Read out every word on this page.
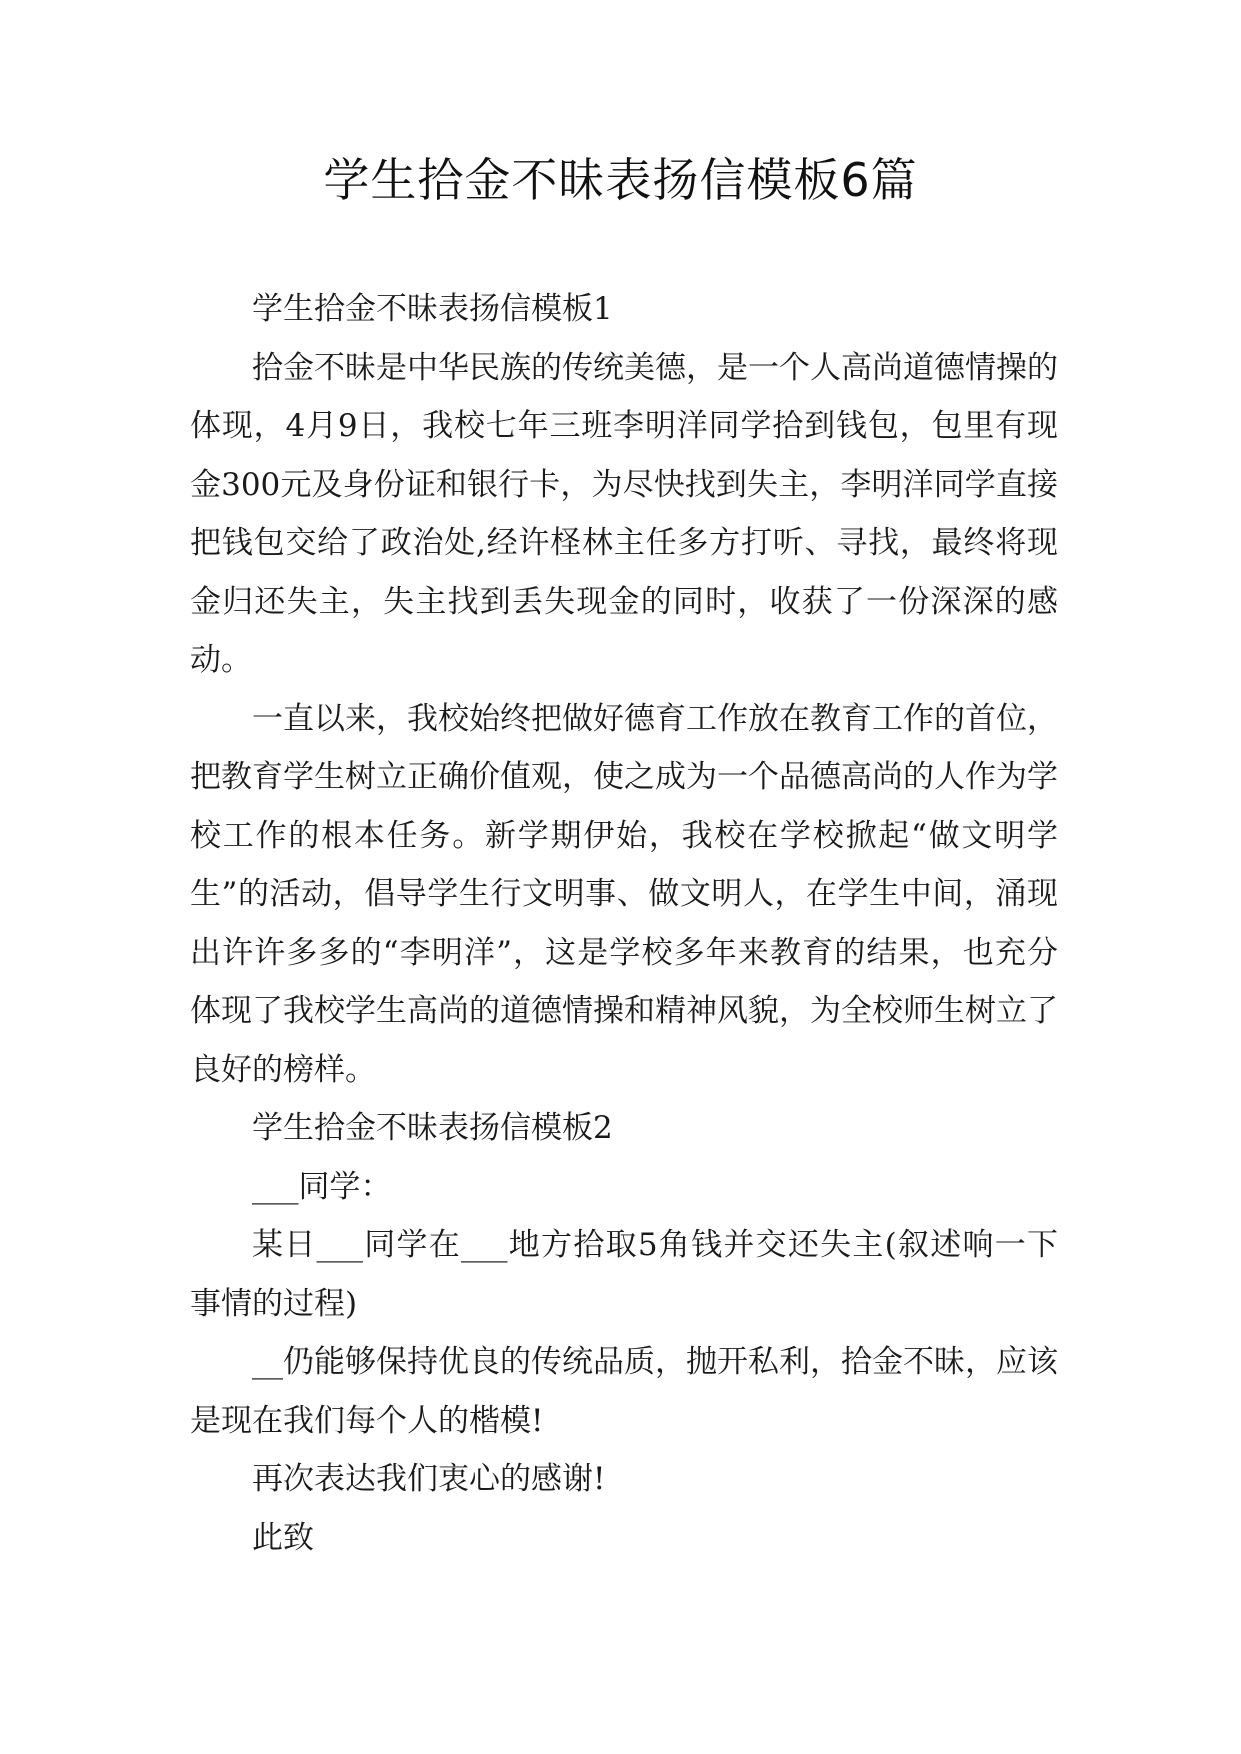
学生拾金不昧表扬信模板6篇

学生拾金不昧表扬信模板1

拾金不昧是中华民族的传统美德，是一个人高尚道德情操的体现，4月9日，我校七年三班李明洋同学拾到钱包，包里有现金300元及身份证和银行卡，为尽快找到失主，李明洋同学直接把钱包交给了政治处,经许柽林主任多方打听、寻找，最终将现金归还失主，失主找到丢失现金的同时，收获了一份深深的感动。

一直以来，我校始终把做好德育工作放在教育工作的首位，把教育学生树立正确价值观，使之成为一个品德高尚的人作为学校工作的根本任务。新学期伊始，我校在学校掀起“做文明学生”的活动，倡导学生行文明事、做文明人，在学生中间，涌现出许许多多的“李明洋”，这是学校多年来教育的结果，也充分体现了我校学生高尚的道德情操和精神风貌，为全校师生树立了良好的榜样。

学生拾金不昧表扬信模板2

___同学：

某日___同学在___地方拾取5角钱并交还失主(叙述响一下事情的过程)

__仍能够保持优良的传统品质，抛开私利，拾金不昧，应该是现在我们每个人的楷模!

再次表达我们衷心的感谢!

此致
